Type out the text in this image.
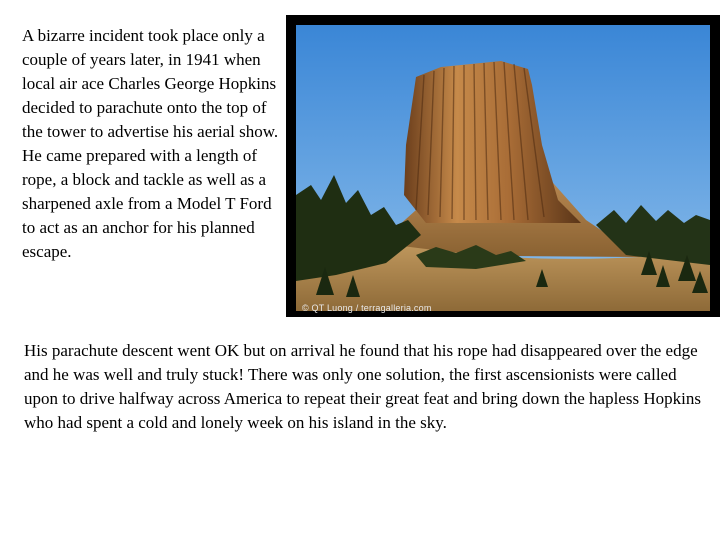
A bizarre incident took place only a couple of years later, in 1941 when local air ace Charles George Hopkins decided to parachute onto the top of the tower to advertise his aerial show. He came prepared with a length of rope, a block and tackle as well as a sharpened axle from a Model T Ford to act as an anchor for his planned escape.

© QT Luong / terragalleria.com

His parachute descent went OK but on arrival he found that his rope had disappeared over the edge and he was well and truly stuck! There was only one solution, the first ascensionists were called upon to drive halfway across America to repeat their great feat and bring down the hapless Hopkins who had spent a cold and lonely week on his island in the sky.
